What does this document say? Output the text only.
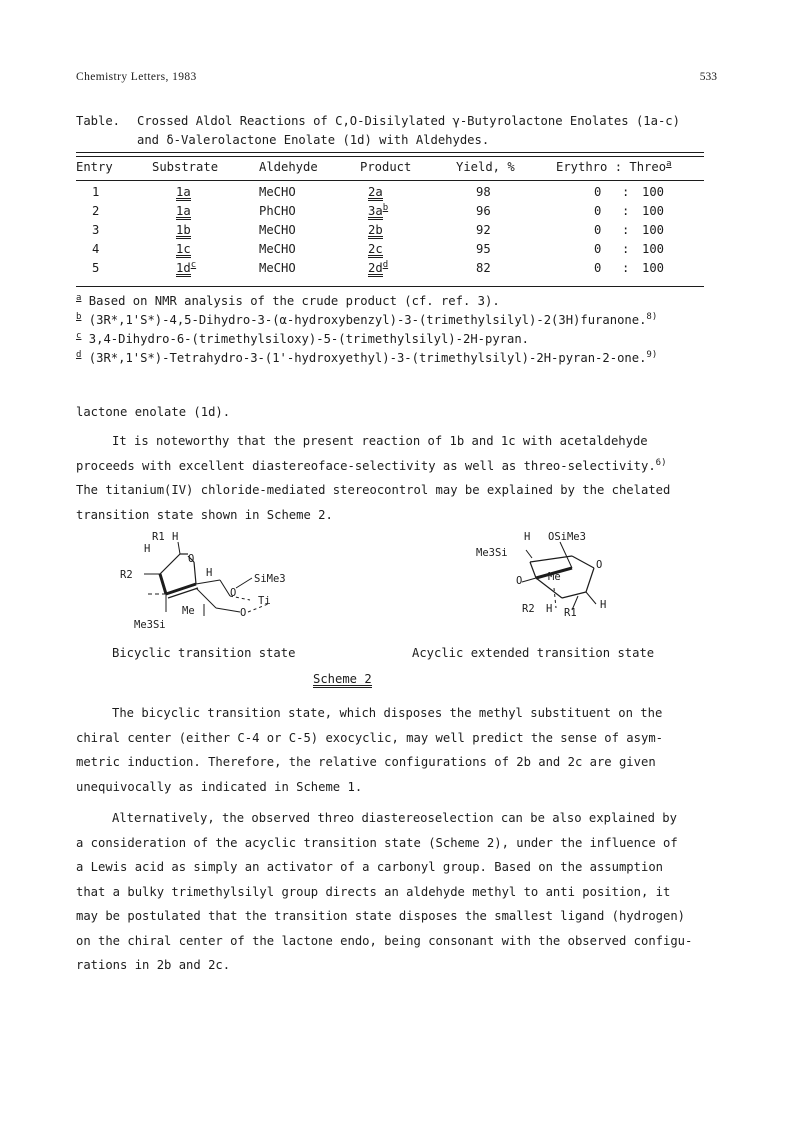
Chemistry Letters, 1983	533
Table. Crossed Aldol Reactions of C,O-Disilylated γ-Butyrolactone Enolates (1a-c)
and δ-Valerolactone Enolate (1d) with Aldehydes.
Entry	Substrate	Aldehyde	Product	Yield, %	Erythro : Threo$^a$
1	1a	MeCHO	2a	98	0 : 100
2	1a	PhCHO	$3a^b$	96	0 : 100
3	1b	MeCHO	2b	92	0 : 100
4	1c	MeCHO	2c	95	0 : 100
5	$1d^c$	MeCHO	$2d^d$	82	0 : 100
$^a$ Based on NMR analysis of the crude product (cf. ref. 3).
$^b$ (3R*,1'S*)-4,5-Dihydro-3-(α-hydroxybenzyl)-3-(trimethylsilyl)-2(3H)furanone.$^{8)}$
$^c$ 3,4-Dihydro-6-(trimethylsiloxy)-5-(trimethylsilyl)-2H-pyran.
$^d$ (3R*,1'S*)-Tetrahydro-3-(1'-hydroxyethyl)-3-(trimethylsilyl)-2H-pyran-2-one.$^{9)}$
lactone enolate (1d).
It is noteworthy that the present reaction of 1b and 1c with acetaldehyde
proceeds with excellent diastereoface-selectivity as well as threo-selectivity.$^{6)}$
The titanium(IV) chloride-mediated stereocontrol may be explained by the chelated
transition state shown in Scheme 2.
R1 H
H
O
R2	H	SiMe3
O
Ti
Me	O
Me3Si
H OSiMe3
Me3Si
O
O Me
R2 H R1
H
Bicyclic transition state	Acyclic extended transition state
Scheme 2
The bicyclic transition state, which disposes the methyl substituent on the
chiral center (either C-4 or C-5) exocyclic, may well predict the sense of asym-
metric induction. Therefore, the relative configurations of 2b and 2c are given
unequivocally as indicated in Scheme 1.
Alternatively, the observed threo diastereoselection can be also explained by
a consideration of the acyclic transition state (Scheme 2), under the influence of
a Lewis acid as simply an activator of a carbonyl group. Based on the assumption
that a bulky trimethylsilyl group directs an aldehyde methyl to anti position, it
may be postulated that the transition state disposes the smallest ligand (hydrogen)
on the chiral center of the lactone endo, being consonant with the observed configu-
rations in 2b and 2c.
